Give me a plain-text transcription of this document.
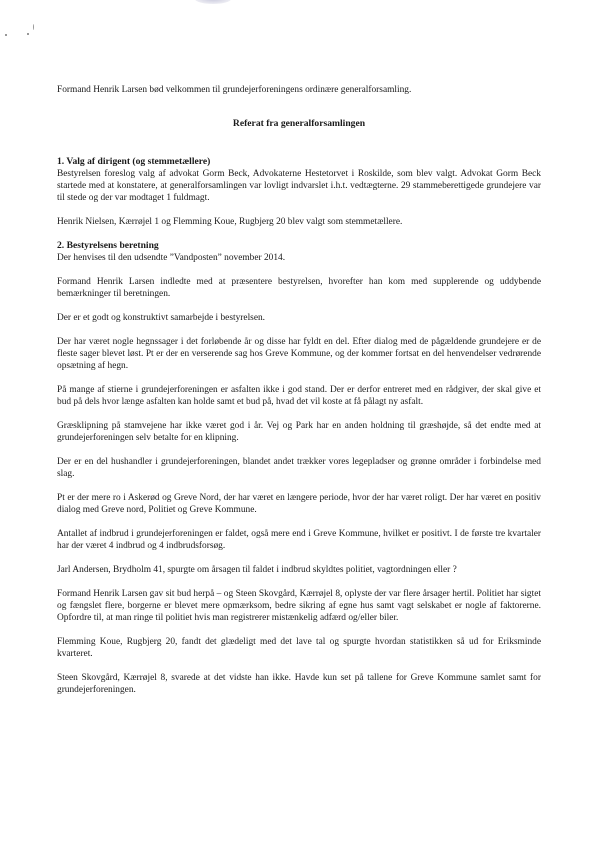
Formand Henrik Larsen bød velkommen til grundejerforeningens ordinære generalforsamling.

Referat fra generalforsamlingen

1. Valg af dirigent (og stemmetællere)

Bestyrelsen foreslog valg af advokat Gorm Beck, Advokaterne Hestetorvet i Roskilde, som blev valgt. Advokat Gorm Beck startede med at konstatere, at generalforsamlingen var lovligt indvarslet i.h.t. vedtægterne. 29 stammeberettigede grundejere var til stede og der var modtaget 1 fuldmagt.

Henrik Nielsen, Kærrøjel 1 og Flemming Koue, Rugbjerg 20 blev valgt som stemmetællere.

2. Bestyrelsens beretning

Der henvises til den udsendte ”Vandposten” november 2014.

Formand Henrik Larsen indledte med at præsentere bestyrelsen, hvorefter han kom med supplerende og uddybende bemærkninger til beretningen.

Der er et godt og konstruktivt samarbejde i bestyrelsen.

Der har været nogle hegnssager i det forløbende år og disse har fyldt en del. Efter dialog med de pågældende grundejere er de fleste sager blevet løst. Pt er der en verserende sag hos Greve Kommune, og der kommer fortsat en del henvendelser vedrørende opsætning af hegn.

På mange af stierne i grundejerforeningen er asfalten ikke i god stand. Der er derfor entreret med en rådgiver, der skal give et bud på dels hvor længe asfalten kan holde samt et bud på, hvad det vil koste at få pålagt ny asfalt.

Græsklipning på stamvejene har ikke været god i år. Vej og Park har en anden holdning til græshøjde, så det endte med at grundejerforeningen selv betalte for en klipning.

Der er en del hushandler i grundejerforeningen, blandet andet trækker vores legepladser og grønne områder i forbindelse med slag.

Pt er der mere ro i Askerød og Greve Nord, der har været en længere periode, hvor der har været roligt. Der har været en positiv dialog med Greve nord, Politiet og Greve Kommune.

Antallet af indbrud i grundejerforeningen er faldet, også mere end i Greve Kommune, hvilket er positivt. I de første tre kvartaler har der været 4 indbrud og 4 indbrudsforsøg.

Jarl Andersen, Brydholm 41, spurgte om årsagen til faldet i indbrud skyldtes politiet, vagtordningen eller ?

Formand Henrik Larsen gav sit bud herpå – og Steen Skovgård, Kærrøjel 8, oplyste der var flere årsager hertil. Politiet har sigtet og fængslet flere, borgerne er blevet mere opmærksom, bedre sikring af egne hus samt vagt selskabet er nogle af faktorerne. Opfordre til, at man ringe til politiet hvis man registrerer mistænkelig adfærd og/eller biler.

Flemming Koue, Rugbjerg 20, fandt det glædeligt med det lave tal og spurgte hvordan statistikken så ud for Eriksminde kvarteret.

Steen Skovgård, Kærrøjel 8, svarede at det vidste han ikke. Havde kun set på tallene for Greve Kommune samlet samt for grundejerforeningen.
